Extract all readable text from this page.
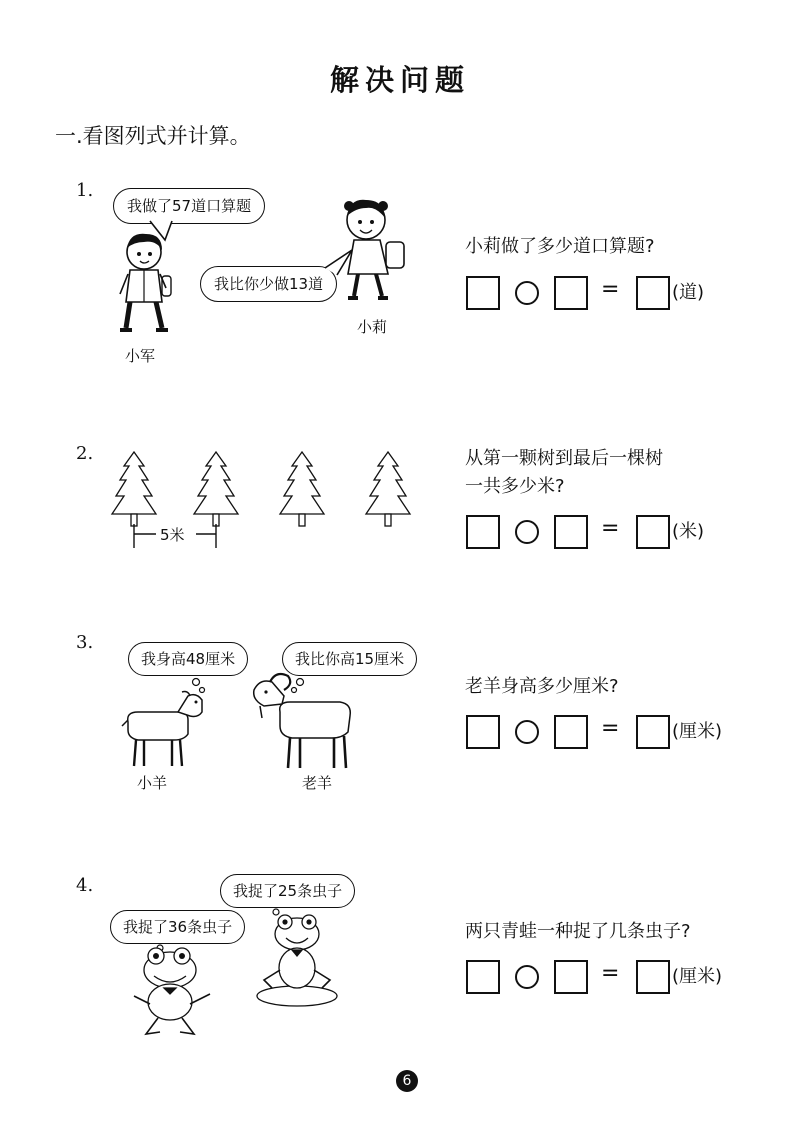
解决问题
一.看图列式并计算。
1.
我做了57道口算题
我比你少做13道
小军
小莉
小莉做了多少道口算题?
=	(道)
2.
5米
从第一颗树到最后一棵树
一共多少米?
=	(米)
3.
我身高48厘米	我比你高15厘米
小羊	老羊
老羊身高多少厘米?
=	(厘米)
4.	我捉了25条虫子
我捉了36条虫子	两只青蛙一种捉了几条虫子?
=	(厘米)
6
